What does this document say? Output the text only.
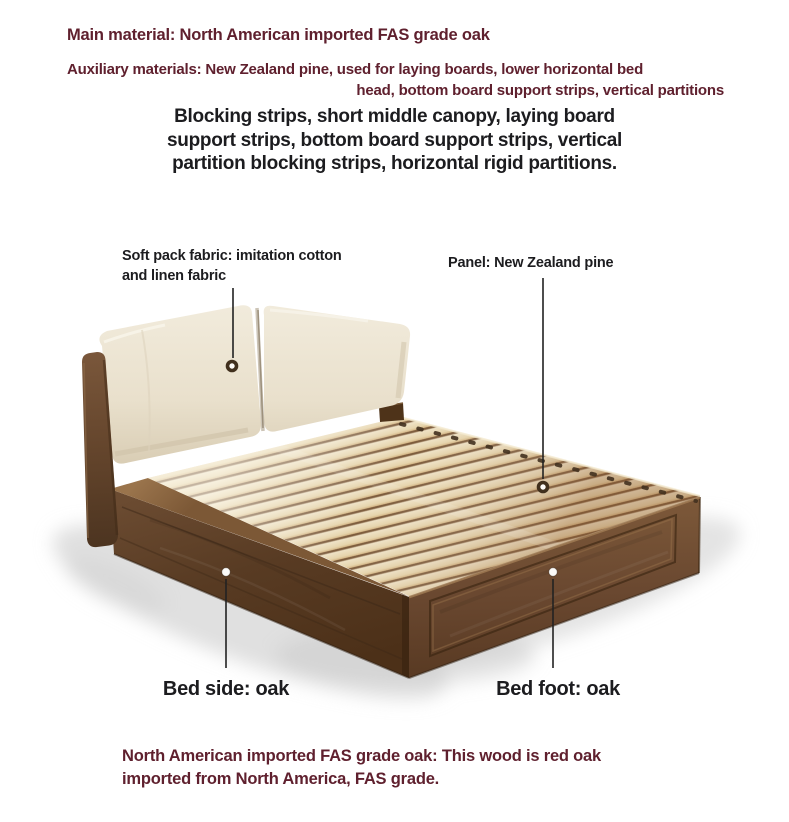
Main material: North American imported FAS grade oak
Auxiliary materials: New Zealand pine, used for laying boards, lower horizontal bed
head, bottom board support strips, vertical partitions
Blocking strips, short middle canopy, laying board
support strips, bottom board support strips, vertical
partition blocking strips, horizontal rigid partitions.
Soft pack fabric: imitation cotton
and linen fabric
Panel: New Zealand pine
Bed side: oak	Bed foot: oak
North American imported FAS grade oak: This wood is red oak
imported from North America, FAS grade.
